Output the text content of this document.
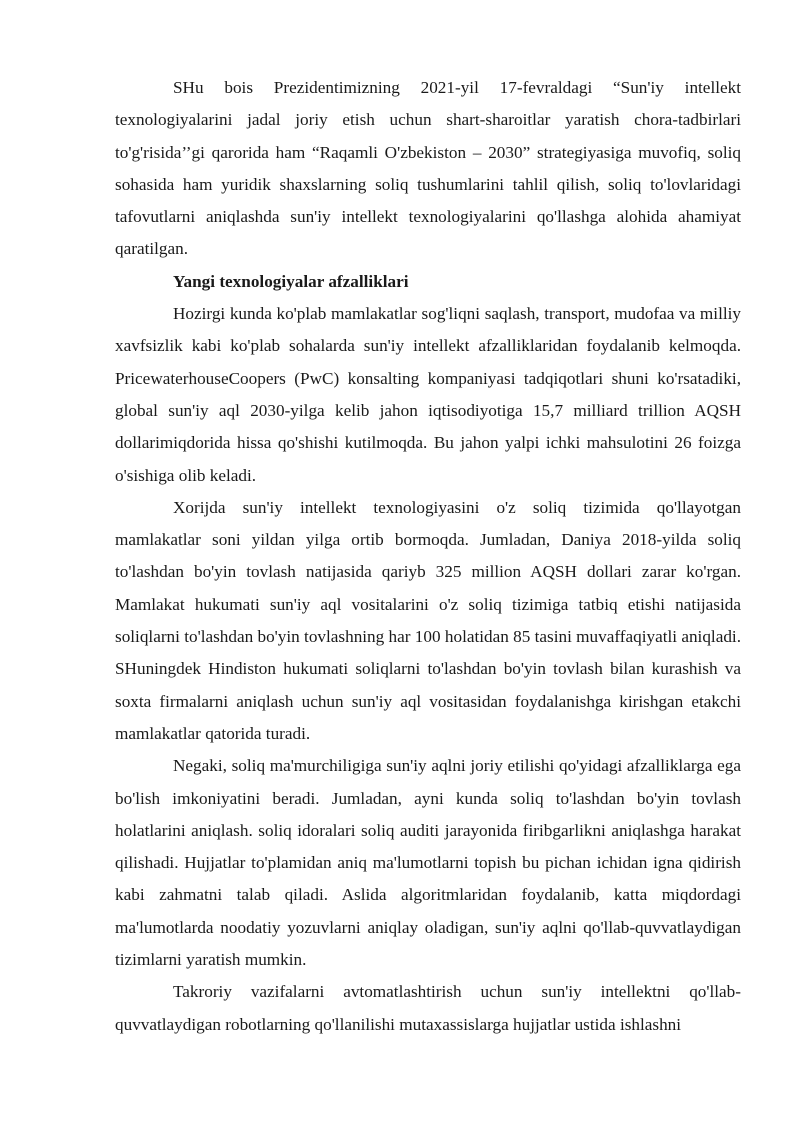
SHu bois Prezidentimizning 2021-yil 17-fevraldagi “Sun'iy intellekt texnologiyalarini jadal joriy etish uchun shart-sharoitlar yaratish chora-tadbirlari to'g'risida’’gi qarorida ham “Raqamli O'zbekiston – 2030” strategiyasiga muvofiq, soliq sohasida ham yuridik shaxslarning soliq tushumlarini tahlil qilish, soliq to'lovlaridagi tafovutlarni aniqlashda sun'iy intellekt texnologiyalarini qo'llashga alohida ahamiyat qaratilgan.

Yangi texnologiyalar afzalliklari

Hozirgi kunda ko'plab mamlakatlar sog'liqni saqlash, transport, mudofaa va milliy xavfsizlik kabi ko'plab sohalarda sun'iy intellekt afzalliklaridan foydalanib kelmoqda. PricewaterhouseCoopers (PwC) konsalting kompaniyasi tadqiqotlari shuni ko'rsatadiki, global sun'iy aql 2030-yilga kelib jahon iqtisodiyotiga 15,7 milliard trillion AQSH dollarimiqdorida hissa qo'shishi kutilmoqda. Bu jahon yalpi ichki mahsulotini 26 foizga o'sishiga olib keladi.

Xorijda sun'iy intellekt texnologiyasini o'z soliq tizimida qo'llayotgan mamlakatlar soni yildan yilga ortib bormoqda. Jumladan, Daniya 2018-yilda soliq to'lashdan bo'yin tovlash natijasida qariyb 325 million AQSH dollari zarar ko'rgan. Mamlakat hukumati sun'iy aql vositalarini o'z soliq tizimiga tatbiq etishi natijasida soliqlarni to'lashdan bo'yin tovlashning har 100 holatidan 85 tasini muvaffaqiyatli aniqladi. SHuningdek Hindiston hukumati soliqlarni to'lashdan bo'yin tovlash bilan kurashish va soxta firmalarni aniqlash uchun sun'iy aql vositasidan foydalanishga kirishgan etakchi mamlakatlar qatorida turadi.

Negaki, soliq ma'murchiligiga sun'iy aqlni joriy etilishi qo'yidagi afzalliklarga ega bo'lish imkoniyatini beradi. Jumladan, ayni kunda soliq to'lashdan bo'yin tovlash holatlarini aniqlash. soliq idoralari soliq auditi jarayonida firibgarlikni aniqlashga harakat qilishadi. Hujjatlar to'plamidan aniq ma'lumotlarni topish bu pichan ichidan igna qidirish kabi zahmatni talab qiladi. Aslida algoritmlaridan foydalanib, katta miqdordagi ma'lumotlarda noodatiy yozuvlarni aniqlay oladigan, sun'iy aqlni qo'llab-quvvatlaydigan tizimlarni yaratish mumkin.

Takroriy vazifalarni avtomatlashtirish uchun sun'iy intellektni qo'llab-quvvatlaydigan robotlarning qo'llanilishi mutaxassislarga hujjatlar ustida ishlashni
